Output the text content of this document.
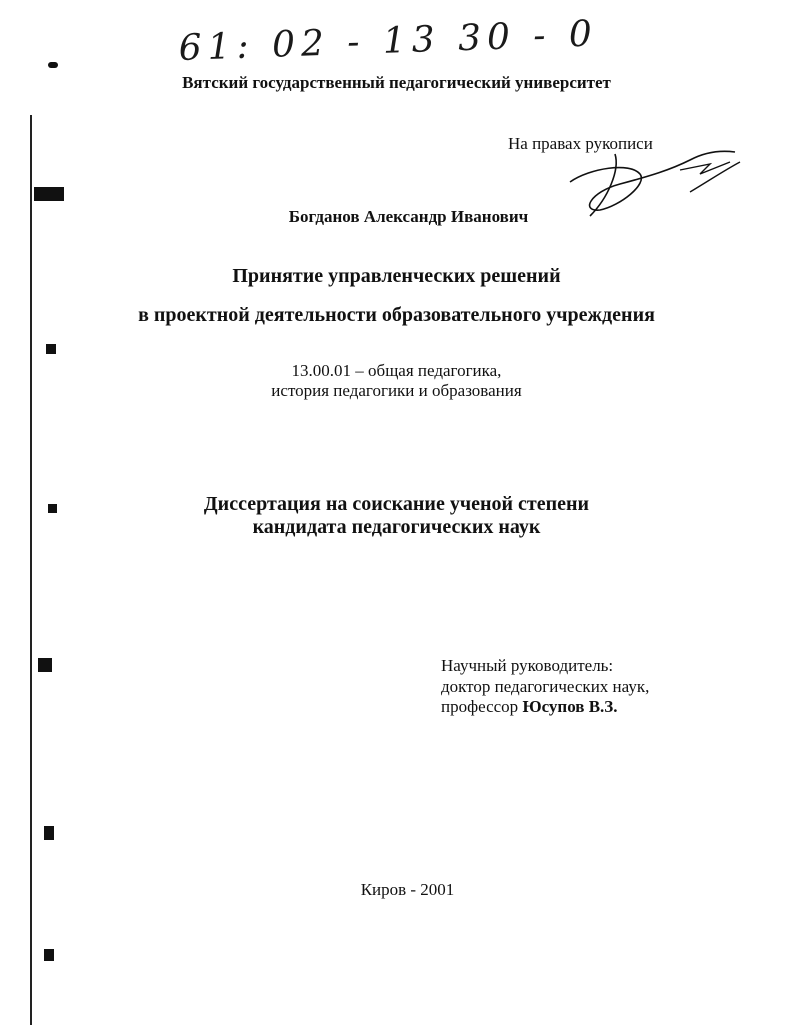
61: 02 - 13 30 - 0
Вятский государственный педагогический университет
На правах рукописи
Богданов Александр Иванович
Принятие управленческих решений
в проектной деятельности образовательного учреждения
13.00.01 – общая педагогика,
история педагогики и образования
Диссертация на соискание ученой степени
кандидата педагогических наук
Научный руководитель:
доктор педагогических наук,
профессор Юсупов В.З.
Киров - 2001
